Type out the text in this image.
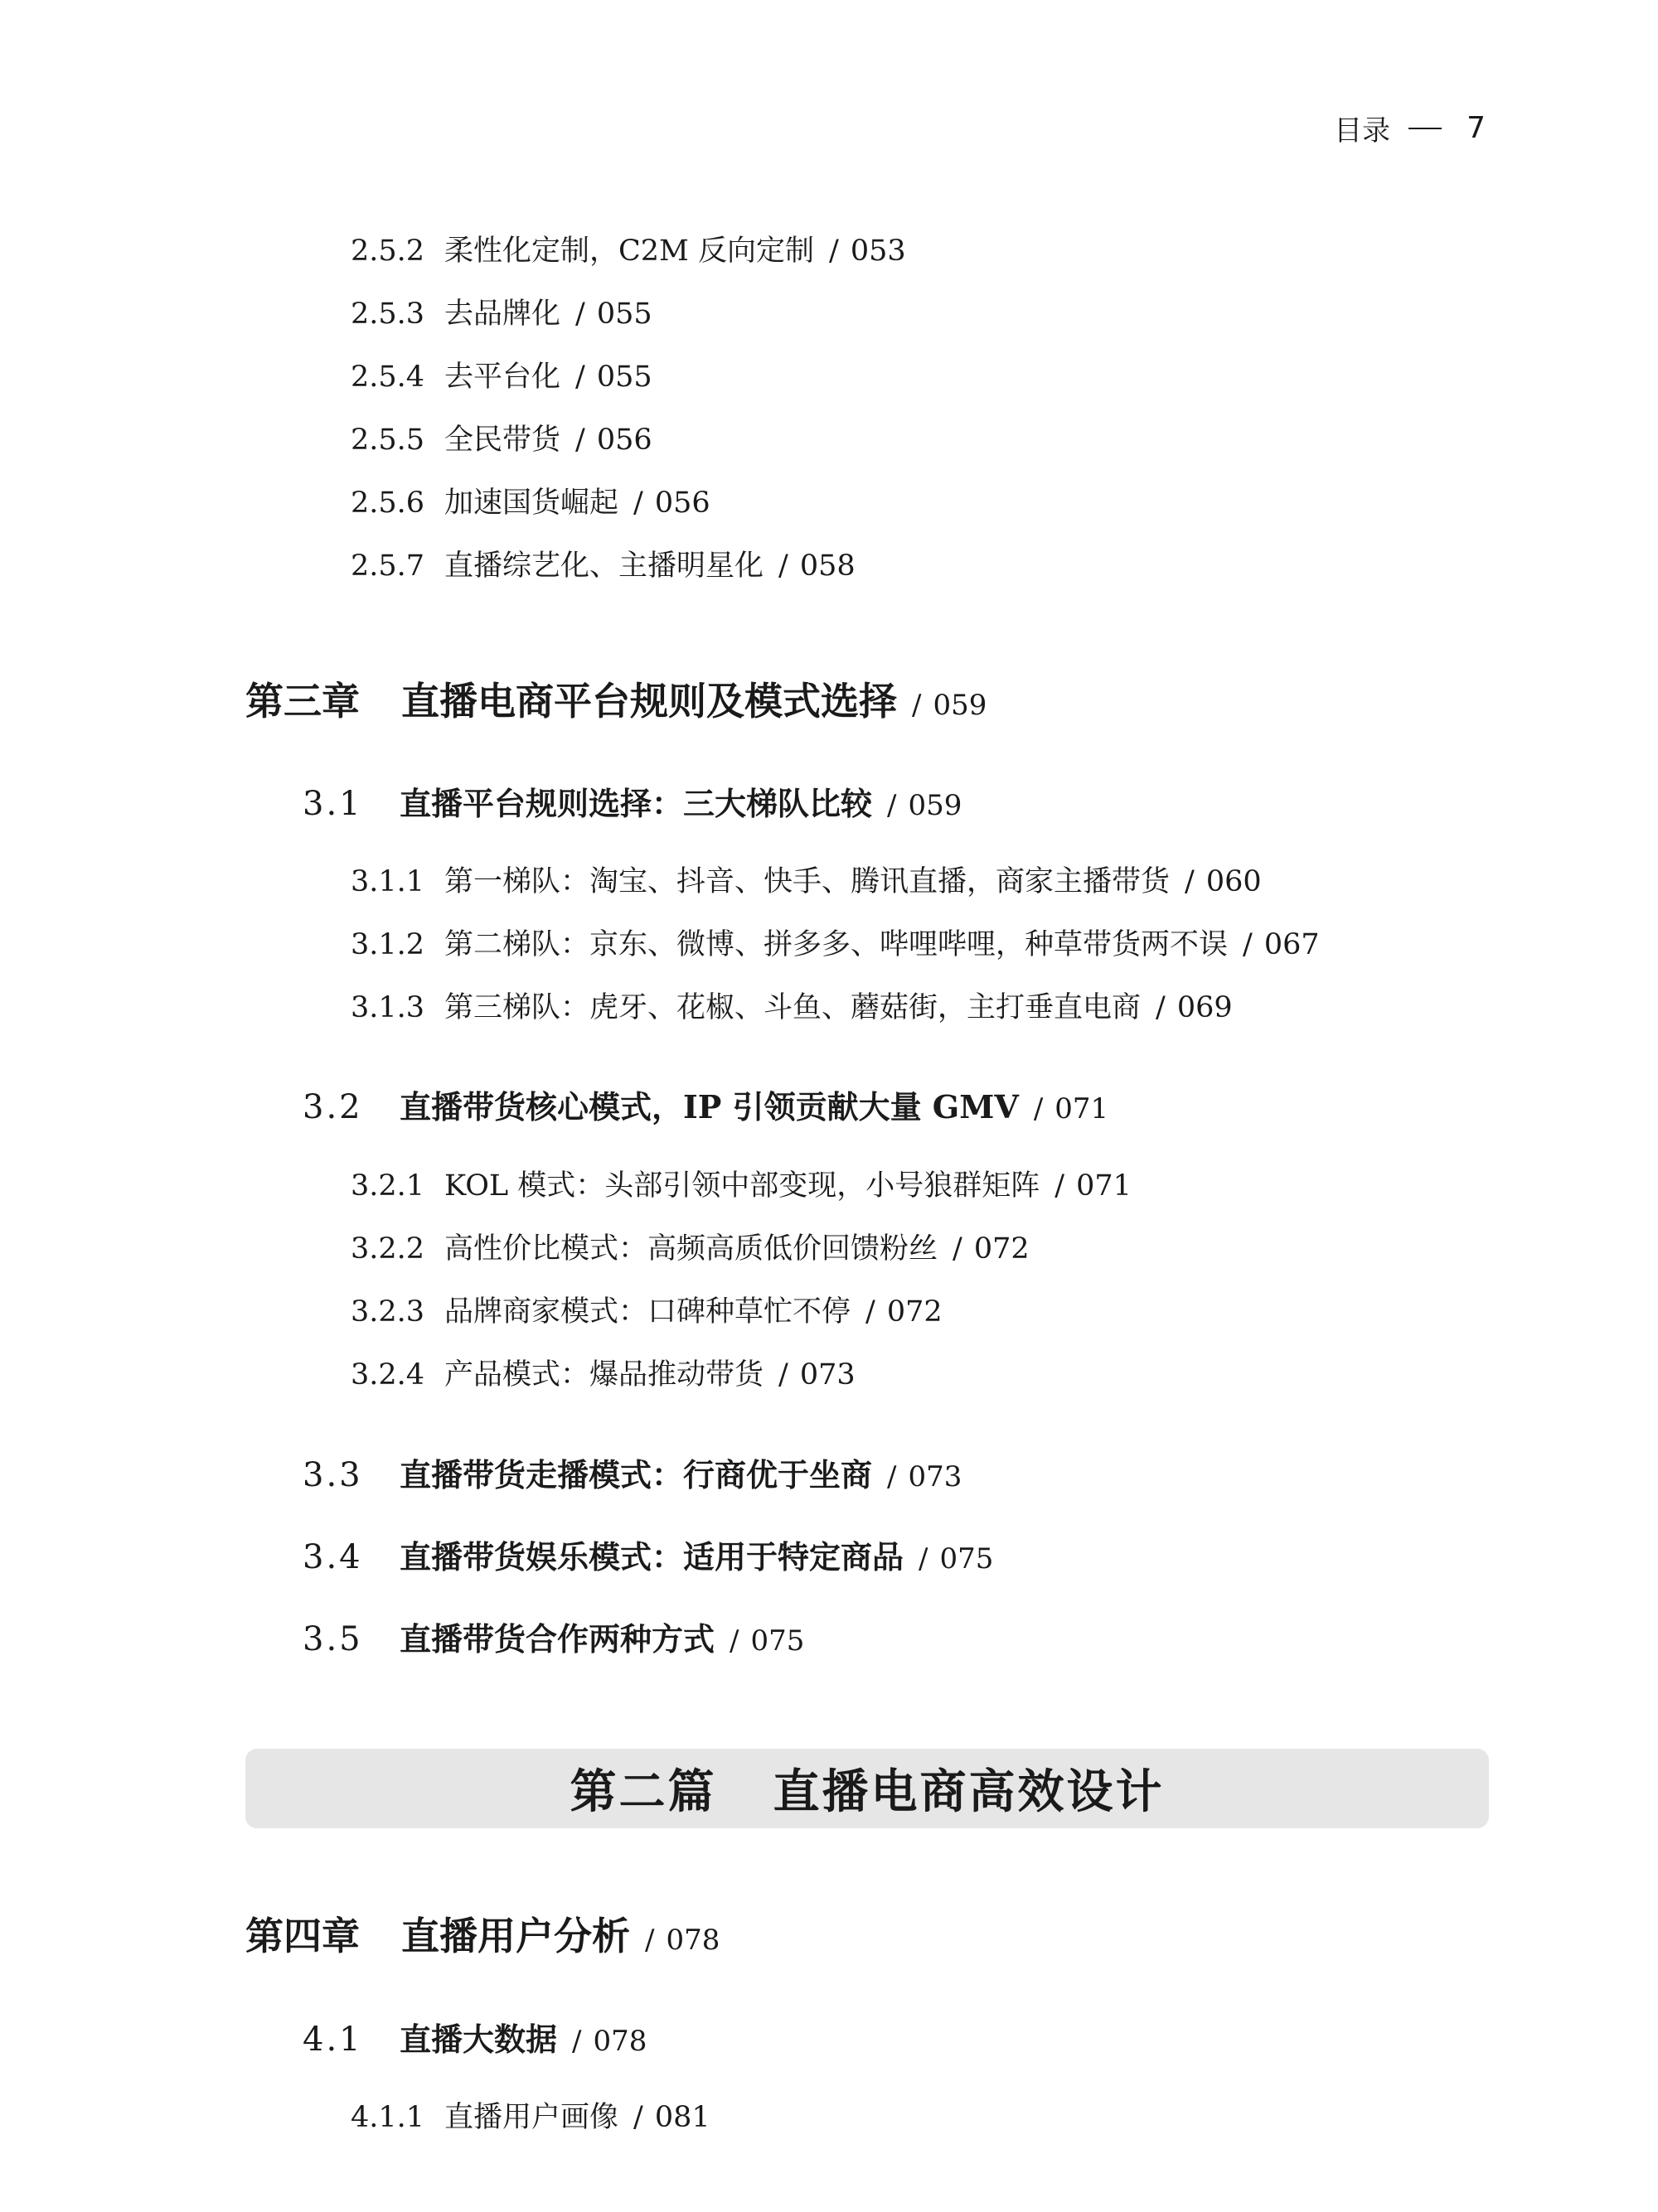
目录	7
2.5.2 柔性化定制，C2M 反向定制 / 053
2.5.3 去品牌化 / 055
2.5.4 去平台化 / 055
2.5.5 全民带货 / 056
2.5.6 加速国货崛起 / 056
2.5.7 直播综艺化、主播明星化 / 058
第三章 直播电商平台规则及模式选择 / 059
3.1	直播平台规则选择：三大梯队比较 / 059
3.1.1 第一梯队：淘宝、抖音、快手、腾讯直播，商家主播带货 / 060
3.1.2 第二梯队：京东、微博、拼多多、哔哩哔哩，种草带货两不误 / 067
3.1.3 第三梯队：虎牙、花椒、斗鱼、蘑菇街，主打垂直电商 / 069
3.2	直播带货核心模式，IP 引领贡献大量 GMV / 071
3.2.1 KOL 模式：头部引领中部变现，小号狼群矩阵 / 071
3.2.2 高性价比模式：高频高质低价回馈粉丝 / 072
3.2.3 品牌商家模式：口碑种草忙不停 / 072
3.2.4 产品模式：爆品推动带货 / 073
3.3	直播带货走播模式：行商优于坐商 / 073
3.4	直播带货娱乐模式：适用于特定商品 / 075
3.5	直播带货合作两种方式 / 075
第二篇 直播电商高效设计
第四章 直播用户分析 / 078
4.1	直播大数据 / 078
4.1.1 直播用户画像 / 081
